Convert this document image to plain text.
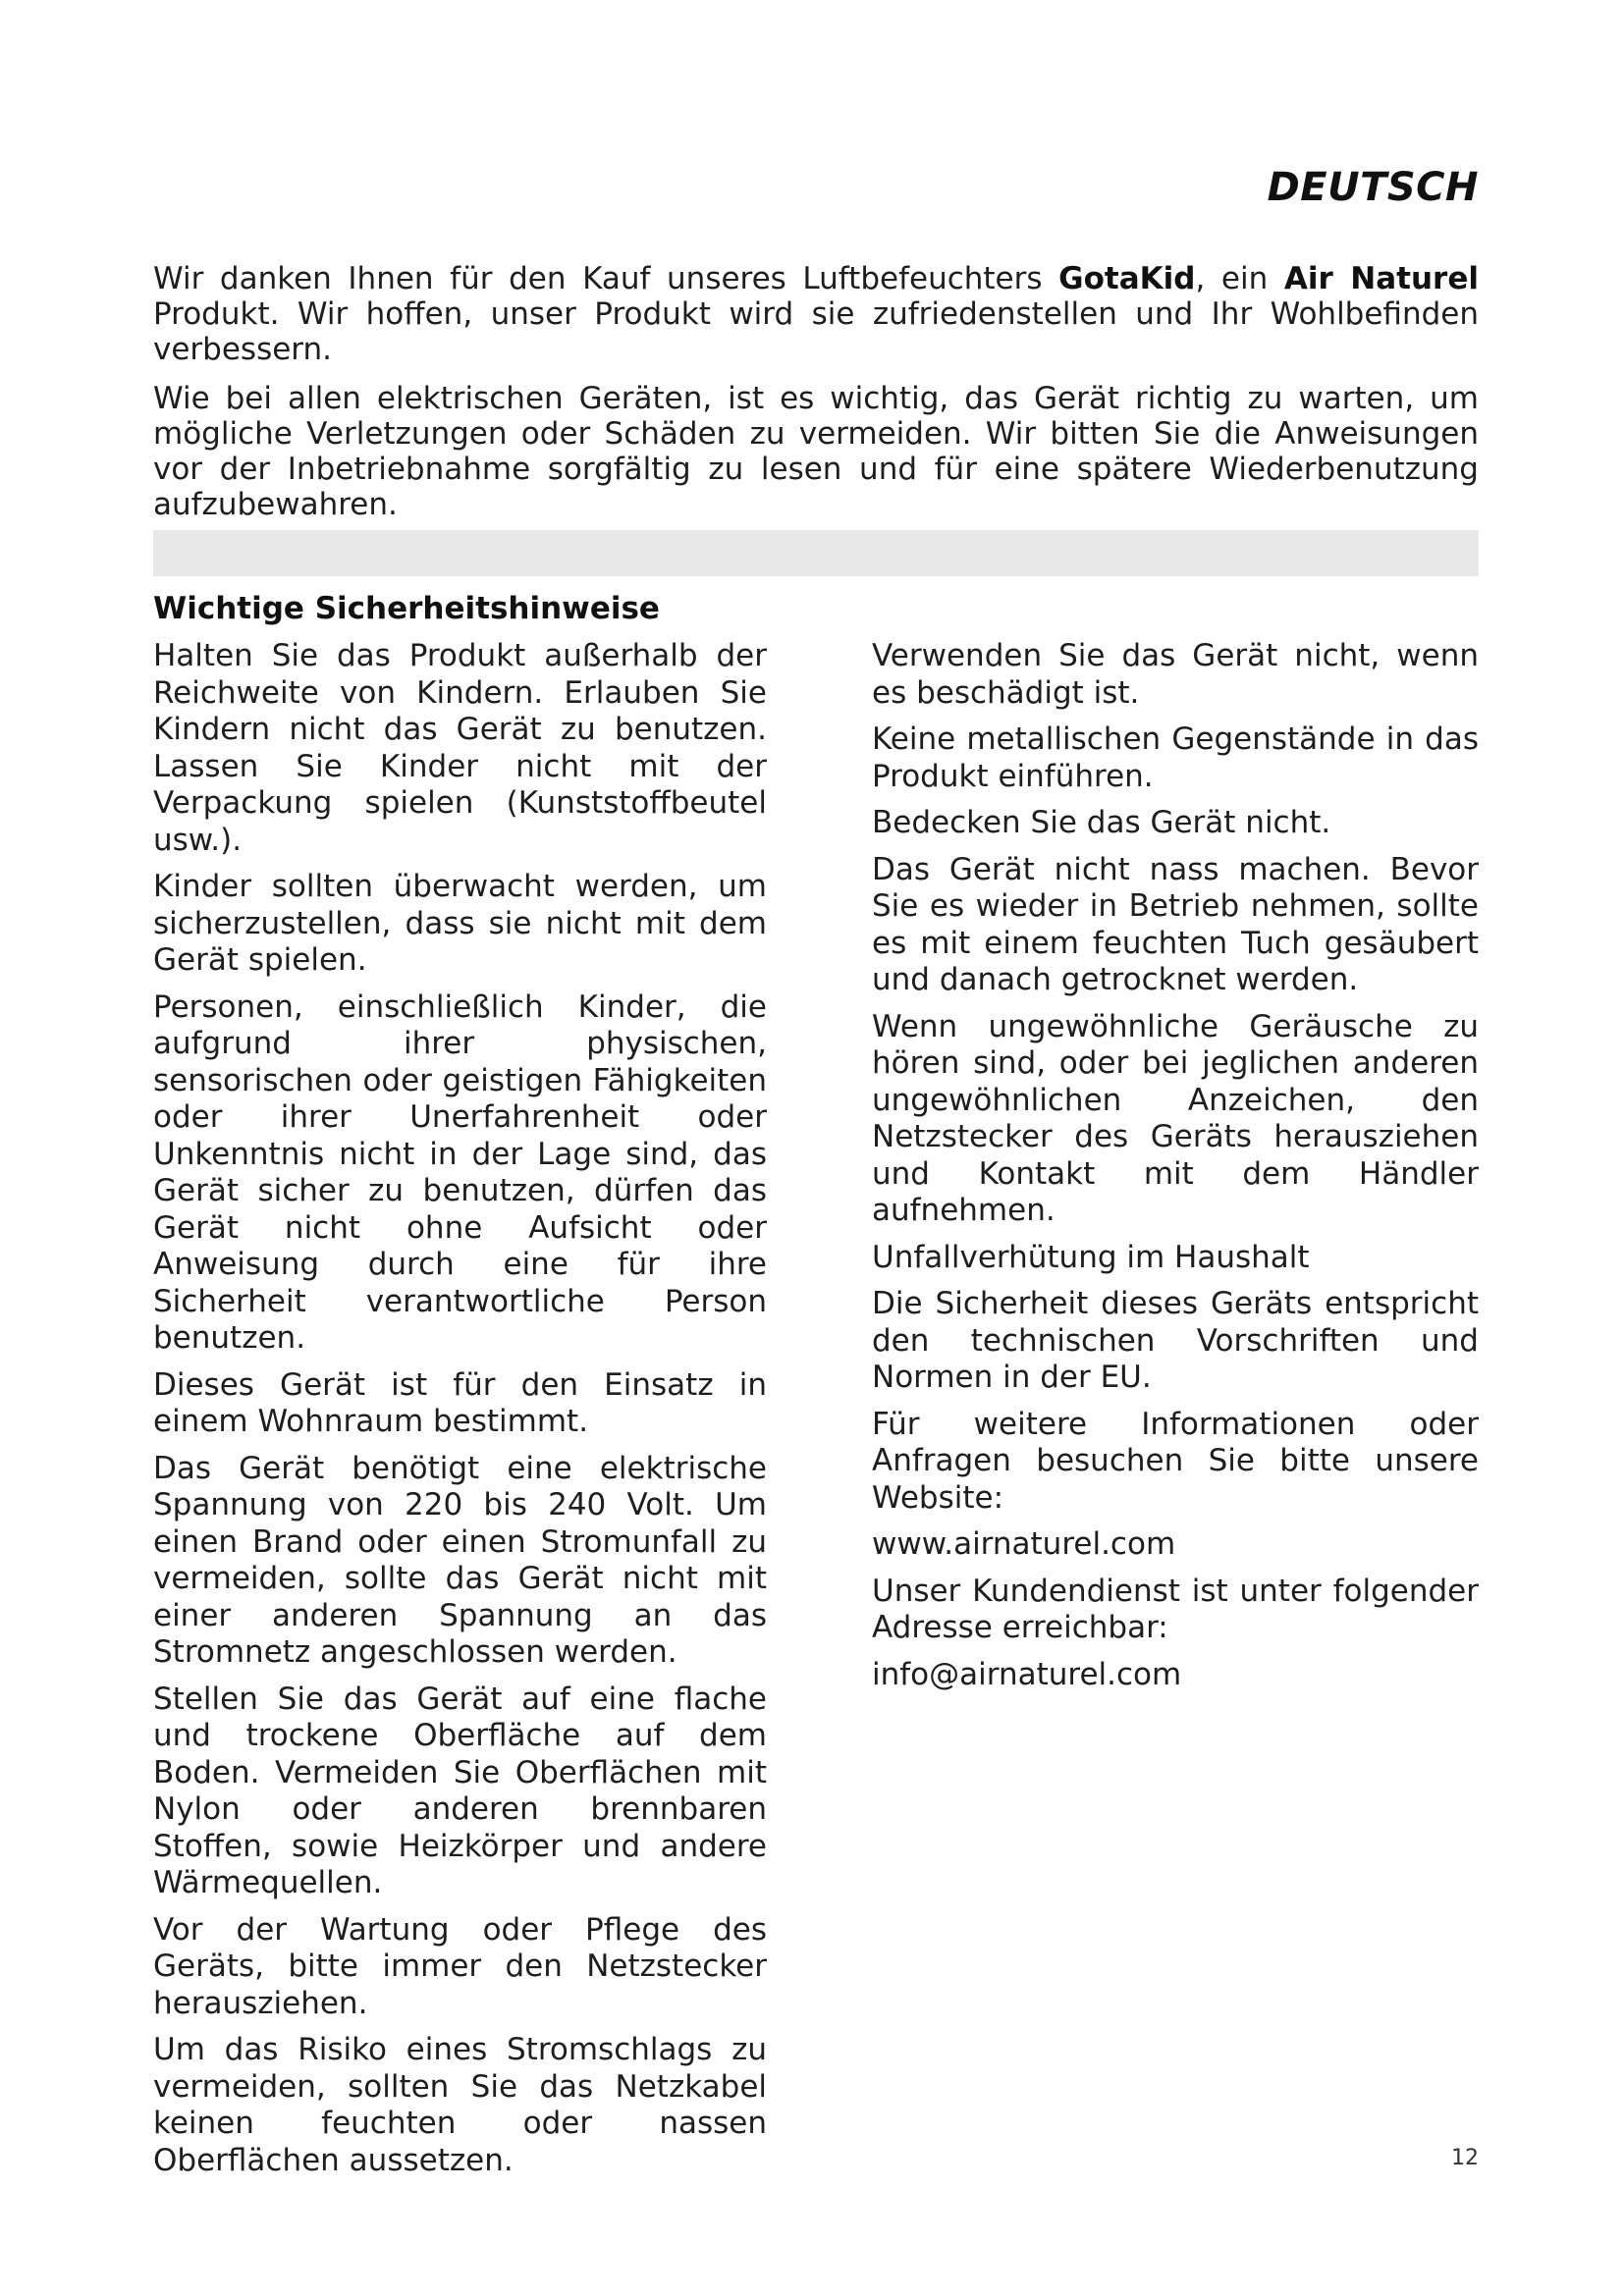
DEUTSCH

Wir danken Ihnen für den Kauf unseres Luftbefeuchters GotaKid, ein Air Naturel Produkt. Wir hoffen, unser Produkt wird sie zufriedenstellen und Ihr Wohlbefinden verbessern.

Wie bei allen elektrischen Geräten, ist es wichtig, das Gerät richtig zu warten, um mögliche Verletzungen oder Schäden zu vermeiden. Wir bitten Sie die Anweisungen vor der Inbetriebnahme sorgfältig zu lesen und für eine spätere Wiederbenutzung aufzubewahren.

Wichtige Sicherheitshinweise

Halten Sie das Produkt außerhalb der Reichweite von Kindern. Erlauben Sie Kindern nicht das Gerät zu benutzen. Lassen Sie Kinder nicht mit der Verpackung spielen (Kunststoffbeutel usw.).

Kinder sollten überwacht werden, um sicherzustellen, dass sie nicht mit dem Gerät spielen.

Personen, einschließlich Kinder, die aufgrund ihrer physischen, sensorischen oder geistigen Fähigkeiten oder ihrer Unerfahrenheit oder Unkenntnis nicht in der Lage sind, das Gerät sicher zu benutzen, dürfen das Gerät nicht ohne Aufsicht oder Anweisung durch eine für ihre Sicherheit verantwortliche Person benutzen.

Dieses Gerät ist für den Einsatz in einem Wohnraum bestimmt.

Das Gerät benötigt eine elektrische Spannung von 220 bis 240 Volt. Um einen Brand oder einen Stromunfall zu vermeiden, sollte das Gerät nicht mit einer anderen Spannung an das Stromnetz angeschlossen werden.

Stellen Sie das Gerät auf eine flache und trockene Oberfläche auf dem Boden. Vermeiden Sie Oberflächen mit Nylon oder anderen brennbaren Stoffen, sowie Heizkörper und andere Wärmequellen.

Vor der Wartung oder Pflege des Geräts, bitte immer den Netzstecker herausziehen.

Um das Risiko eines Stromschlags zu vermeiden, sollten Sie das Netzkabel keinen feuchten oder nassen Oberflächen aussetzen.

Verwenden Sie das Gerät nicht, wenn es beschädigt ist.

Keine metallischen Gegenstände in das Produkt einführen.

Bedecken Sie das Gerät nicht.

Das Gerät nicht nass machen. Bevor Sie es wieder in Betrieb nehmen, sollte es mit einem feuchten Tuch gesäubert und danach getrocknet werden.

Wenn ungewöhnliche Geräusche zu hören sind, oder bei jeglichen anderen ungewöhnlichen Anzeichen, den Netzstecker des Geräts herausziehen und Kontakt mit dem Händler aufnehmen.

Unfallverhütung im Haushalt

Die Sicherheit dieses Geräts entspricht den technischen Vorschriften und Normen in der EU.

Für weitere Informationen oder Anfragen besuchen Sie bitte unsere Website:

www.airnaturel.com

Unser Kundendienst ist unter folgender Adresse erreichbar:

info@airnaturel.com

12
